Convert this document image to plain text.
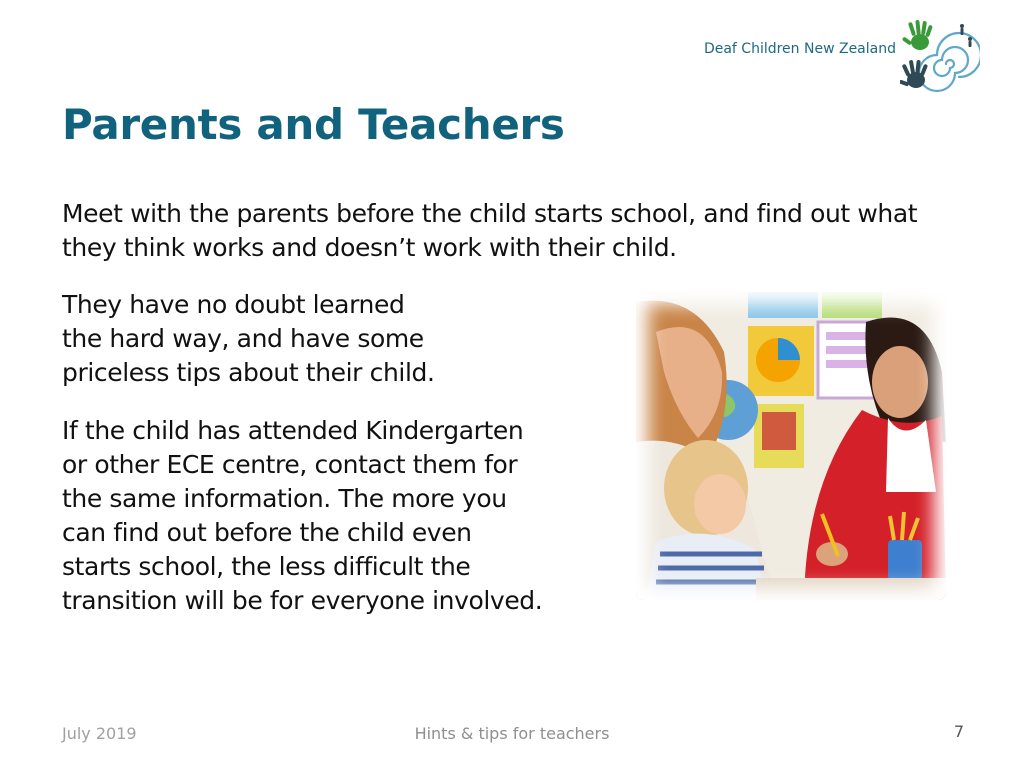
Deaf Children New Zealand
Parents and Teachers

Meet with the parents before the child starts school, and find out what they think works and doesn’t work with their child.

They have no doubt learned
the hard way, and have some
priceless tips about their child.

If the child has attended Kindergarten
or other ECE centre, contact them for
the same information. The more you
can find out before the child even
starts school, the less difficult the
transition will be for everyone involved.

July 2019	Hints & tips for teachers	7
